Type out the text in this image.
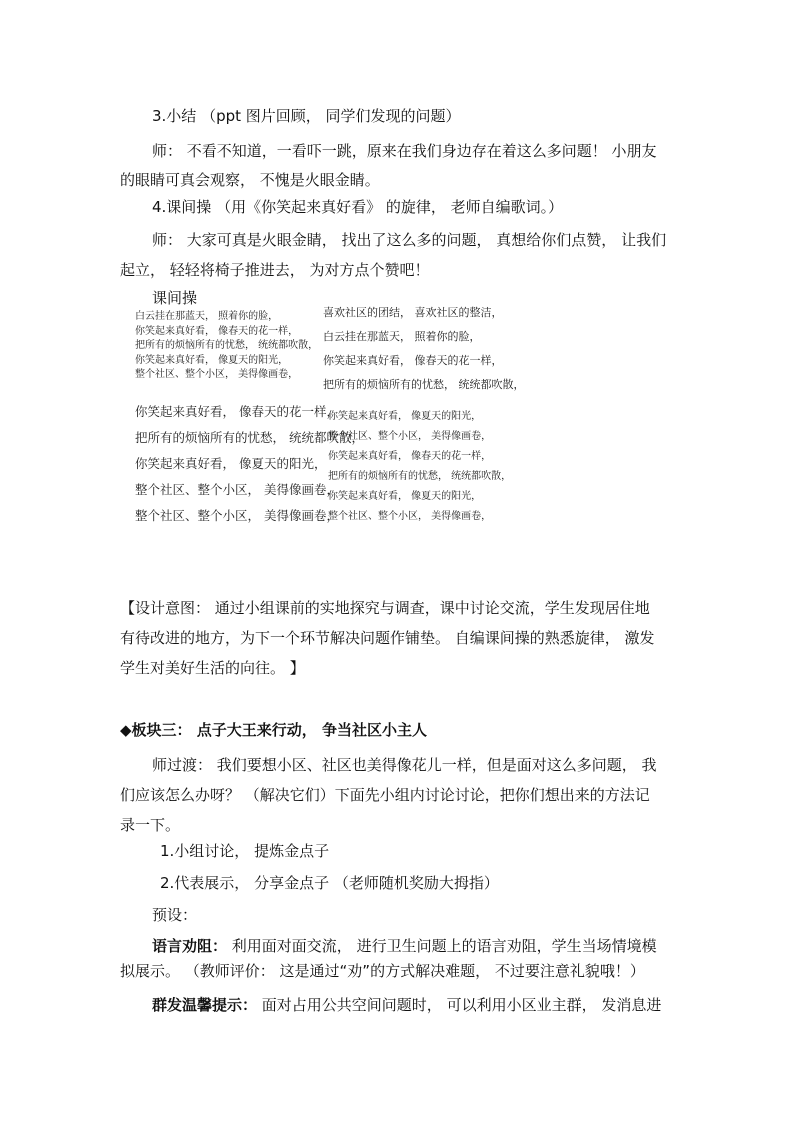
3.小结 （ppt 图片回顾， 同学们发现的问题）
师： 不看不知道，一看吓一跳，原来在我们身边存在着这么多问题！ 小朋友
的眼睛可真会观察， 不愧是火眼金睛。
4.课间操 （用《你笑起来真好看》 的旋律， 老师自编歌词。）
师： 大家可真是火眼金睛， 找出了这么多的问题， 真想给你们点赞， 让我们
起立， 轻轻将椅子推进去， 为对方点个赞吧！
课间操
白云挂在那蓝天， 照着你的脸，
你笑起来真好看， 像春天的花一样，
把所有的烦恼所有的忧愁， 统统都吹散，
你笑起来真好看， 像夏天的阳光，
整个社区、整个小区， 美得像画卷，
喜欢社区的团结， 喜欢社区的整洁，
白云挂在那蓝天， 照着你的脸，
你笑起来真好看， 像春天的花一样，
把所有的烦恼所有的忧愁， 统统都吹散，
你笑起来真好看， 像春天的花一样，
把所有的烦恼所有的忧愁， 统统都吹散，
你笑起来真好看， 像夏天的阳光，
整个社区、整个小区， 美得像画卷，
整个社区、整个小区， 美得像画卷，
你笑起来真好看， 像夏天的阳光，
整个社区、整个小区， 美得像画卷，
你笑起来真好看， 像春天的花一样，
把所有的烦恼所有的忧愁， 统统都吹散，
你笑起来真好看， 像夏天的阳光，
整个社区、整个小区， 美得像画卷，
【设计意图： 通过小组课前的实地探究与调查，课中讨论交流，学生发现居住地
有待改进的地方，为下一个环节解决问题作铺垫。 自编课间操的熟悉旋律， 激发
学生对美好生活的向往。 】
◆板块三： 点子大王来行动， 争当社区小主人
师过渡： 我们要想小区、社区也美得像花儿一样，但是面对这么多问题， 我
们应该怎么办呀？ （解决它们）下面先小组内讨论讨论，把你们想出来的方法记
录一下。
1.小组讨论， 提炼金点子
2.代表展示， 分享金点子 （老师随机奖励大拇指）
预设：
语言劝阻： 利用面对面交流， 进行卫生问题上的语言劝阻，学生当场情境模
拟展示。 （教师评价： 这是通过“劝”的方式解决难题， 不过要注意礼貌哦！）
群发温馨提示： 面对占用公共空间问题时， 可以利用小区业主群， 发消息进
